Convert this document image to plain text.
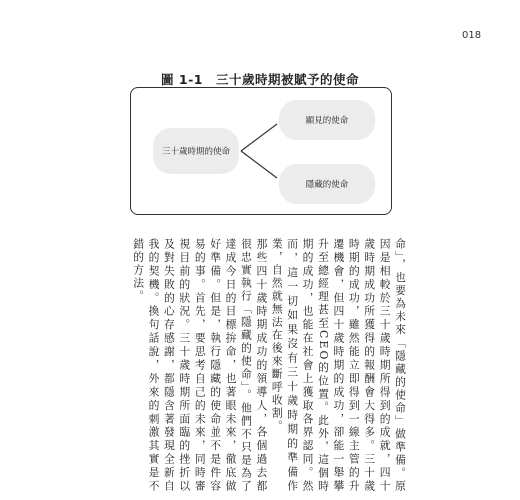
018
圖 1-1　三十歲時期被賦予的使命
三十歲時期的使命
顯見的使命
隱藏的使命

命」，也要為未來「隱藏的使命」做準備。原因是相較於三十歲時期所得到的成就，四十歲時期成功所獲得的報酬會大得多。三十歲時期的成功，雖然能立即得到一線主管的升遷機會，但四十歲時期的成功，卻能一舉攀升至總經理甚至CEO的位置。此外，這個時期的成功，也能在社會上獲取各界認同。然而，這一切如果沒有三十歲時期的準備作業，自然就無法在後來斷呼收割。

那些四十歲時期成功的領導人，各個過去都很忠實執行「隱藏的使命」。他們不只是為了達成今日的目標拚命，也著眼未來，徹底做好準備。但是，執行隱藏的使命並不是件容易的事。首先，要思考自己的未來，同時審視目前的狀況。三十歲時期所面臨的挫折以及對失敗的心存感謝，都隱含著發現全新自我的契機。換句話說，外來的刺激其實是不錯的方法。
